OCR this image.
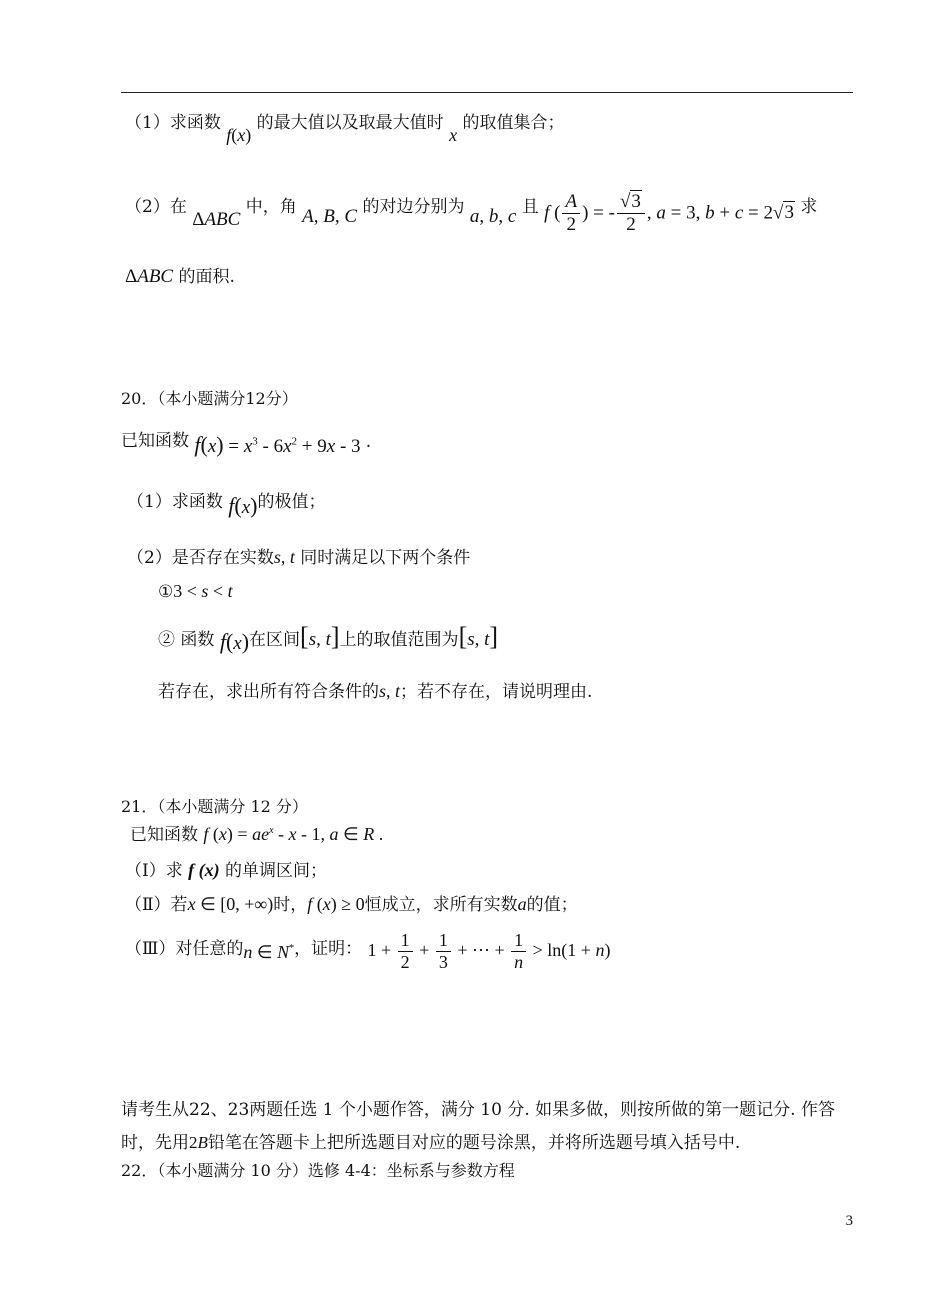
（1）求函数 f(x) 的最大值以及取最大值时 x 的取值集合；
（2）在 ΔABC 中，角 A, B, C 的对边分别为 a, b, c 且 f ( $\frac{A}{2}$ ) = - $\frac{√3}{2}$ , a = 3, b + c = 2√3 求
ΔABC 的面积.
20．（本小题满分12分）
已知函数 $f(x) = x^3 - 6x^2 + 9x - 3$ ·
（1）求函数 f(x)的极值；
（2）是否存在实数s, t 同时满足以下两个条件
①3 < s < t
② 函数 f(x)在区间[s, t]上的取值范围为[s, t]
若存在，求出所有符合条件的s, t；若不存在，请说明理由.
21．（本小题满分 12 分）
已知函数 f $(x) = ae^x - x - 1$, a ∈ R .
（Ⅰ）求 f (x) 的单调区间；
（Ⅱ）若x ∈ [0, +∞)时，f (x) ≥ 0恒成立，求所有实数a的值；
（Ⅲ）对任意的n ∈ N*，证明： $1 + \frac{1}{2} + \frac{1}{3}$ + ⋯ + $\frac{1}{n} > \ln(1 + n)$
请考生从22、23两题任选 1 个小题作答，满分 10 分. 如果多做，则按所做的第一题记分. 作答
时，先用2B铅笔在答题卡上把所选题目对应的题号涂黑，并将所选题号填入括号中.
22．（本小题满分 10 分）选修 4-4：坐标系与参数方程
3
